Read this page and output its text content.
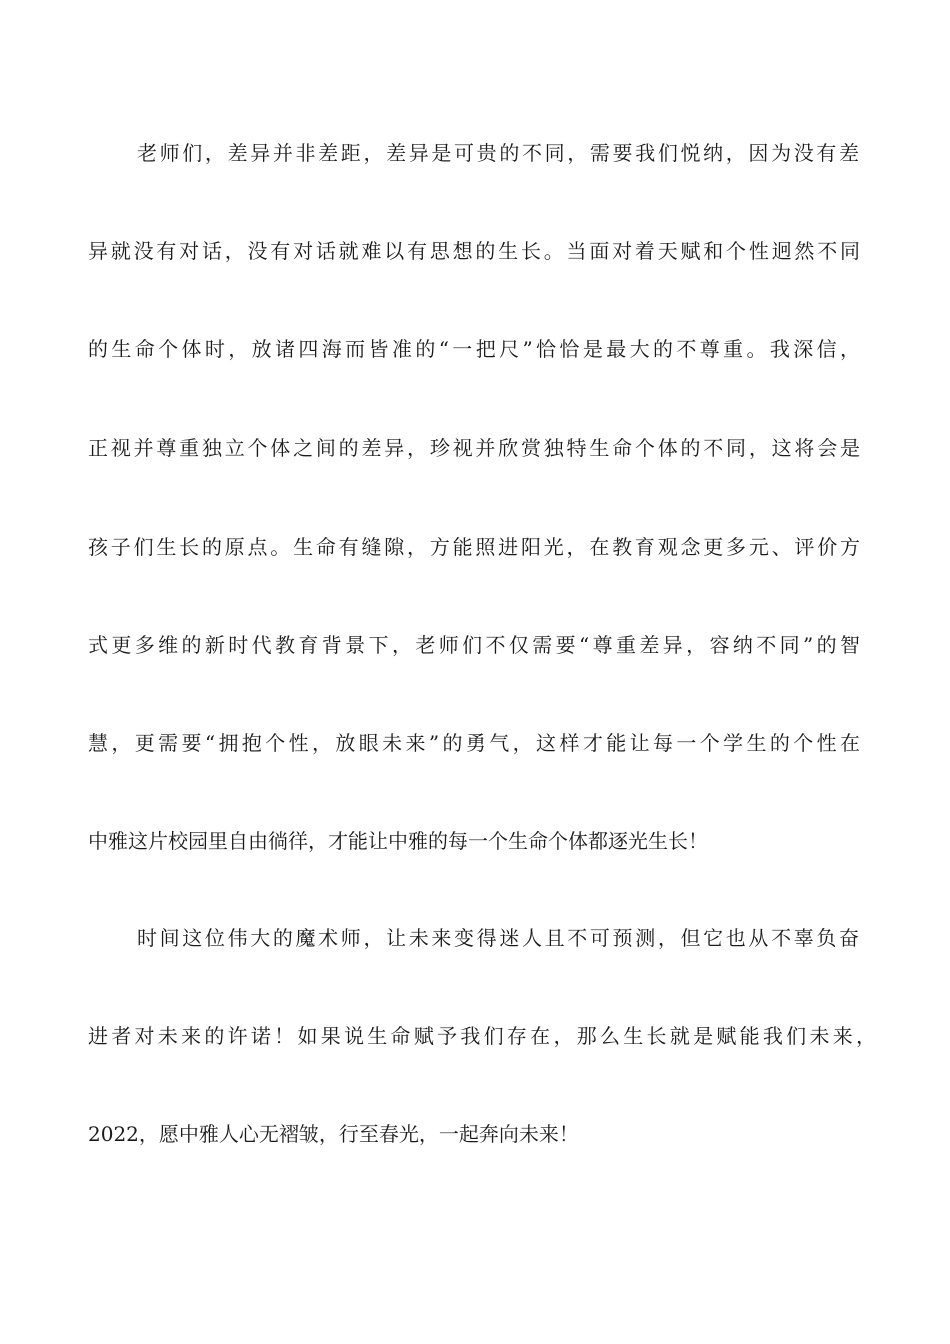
老师们，差异并非差距，差异是可贵的不同，需要我们悦纳，因为没有差
异就没有对话，没有对话就难以有思想的生长。当面对着天赋和个性迥然不同
的生命个体时，放诸四海而皆准的“一把尺”恰恰是最大的不尊重。我深信，
正视并尊重独立个体之间的差异，珍视并欣赏独特生命个体的不同，这将会是
孩子们生长的原点。生命有缝隙，方能照进阳光，在教育观念更多元、评价方
式更多维的新时代教育背景下，老师们不仅需要“尊重差异，容纳不同”的智
慧，更需要“拥抱个性，放眼未来”的勇气，这样才能让每一个学生的个性在
中雅这片校园里自由徜徉，才能让中雅的每一个生命个体都逐光生长！
时间这位伟大的魔术师，让未来变得迷人且不可预测，但它也从不辜负奋
进者对未来的许诺！如果说生命赋予我们存在，那么生长就是赋能我们未来，
2022，愿中雅人心无褶皱，行至春光，一起奔向未来！
